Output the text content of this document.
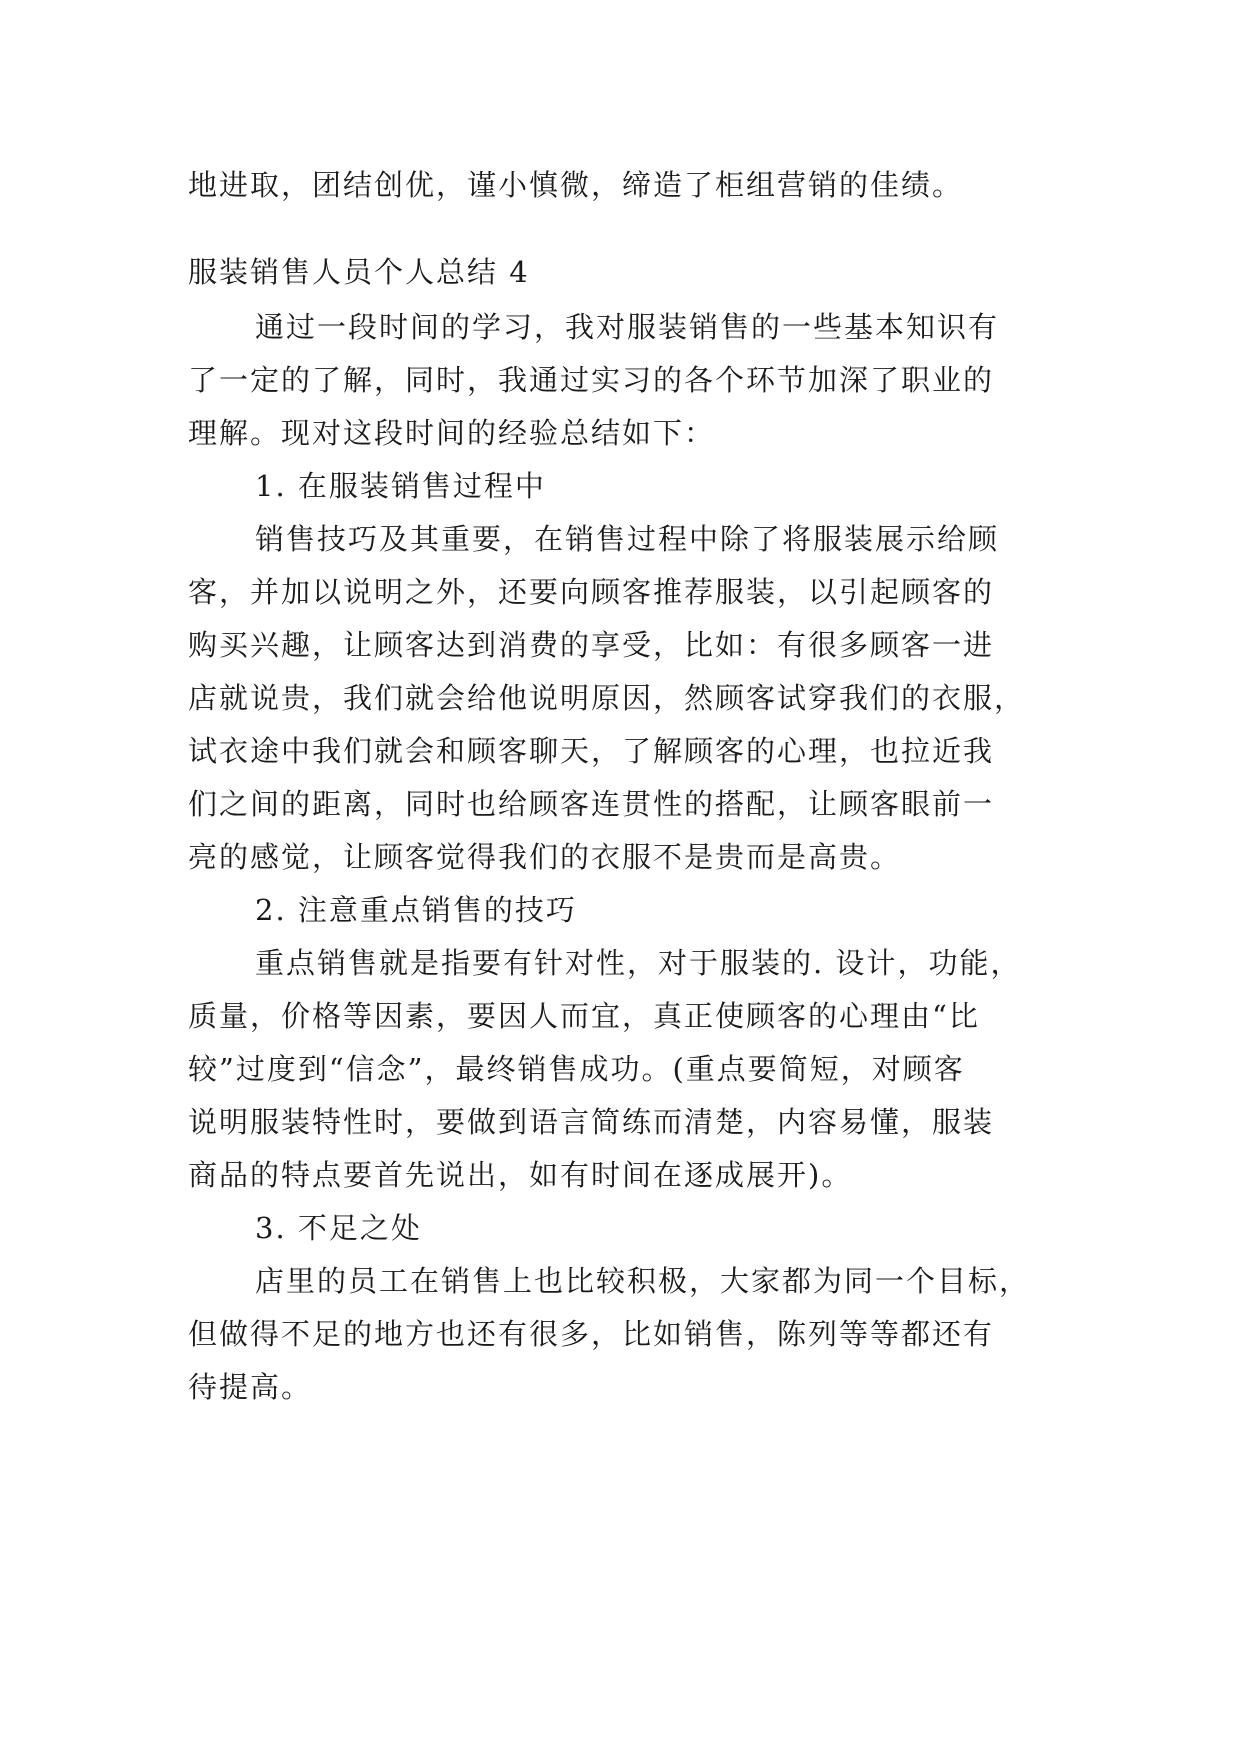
地进取，团结创优，谨小慎微，缔造了柜组营销的佳绩。
服装销售人员个人总结 4
通过一段时间的学习，我对服装销售的一些基本知识有
了一定的了解，同时，我通过实习的各个环节加深了职业的
理解。现对这段时间的经验总结如下：
1. 在服装销售过程中
销售技巧及其重要，在销售过程中除了将服装展示给顾
客，并加以说明之外，还要向顾客推荐服装，以引起顾客的
购买兴趣，让顾客达到消费的享受，比如：有很多顾客一进
店就说贵，我们就会给他说明原因，然顾客试穿我们的衣服，
试衣途中我们就会和顾客聊天，了解顾客的心理，也拉近我
们之间的距离，同时也给顾客连贯性的搭配，让顾客眼前一
亮的感觉，让顾客觉得我们的衣服不是贵而是高贵。
2. 注意重点销售的技巧
重点销售就是指要有针对性，对于服装的. 设计，功能，
质量，价格等因素，要因人而宜，真正使顾客的心理由“比
较”过度到“信念”，最终销售成功。(重点要简短，对顾客
说明服装特性时，要做到语言简练而清楚，内容易懂，服装
商品的特点要首先说出，如有时间在逐成展开)。
3. 不足之处
店里的员工在销售上也比较积极，大家都为同一个目标，
但做得不足的地方也还有很多，比如销售，陈列等等都还有
待提高。
